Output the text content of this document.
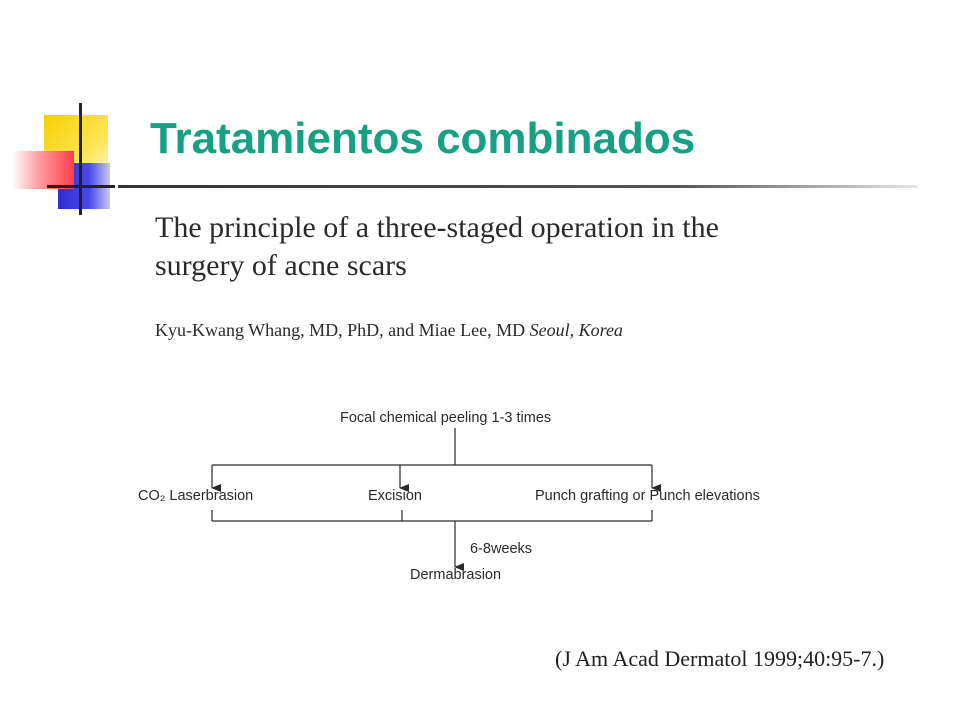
Tratamientos combinados
The principle of a three-staged operation in the
surgery of acne scars
Kyu-Kwang Whang, MD, PhD, and Miae Lee, MD Seoul, Korea
Focal chemical peeling 1-3 times
CO₂ Laserbrasion	Excision	Punch grafting or Punch elevations
6-8weeks
Dermabrasion
(J Am Acad Dermatol 1999;40:95-7.)
